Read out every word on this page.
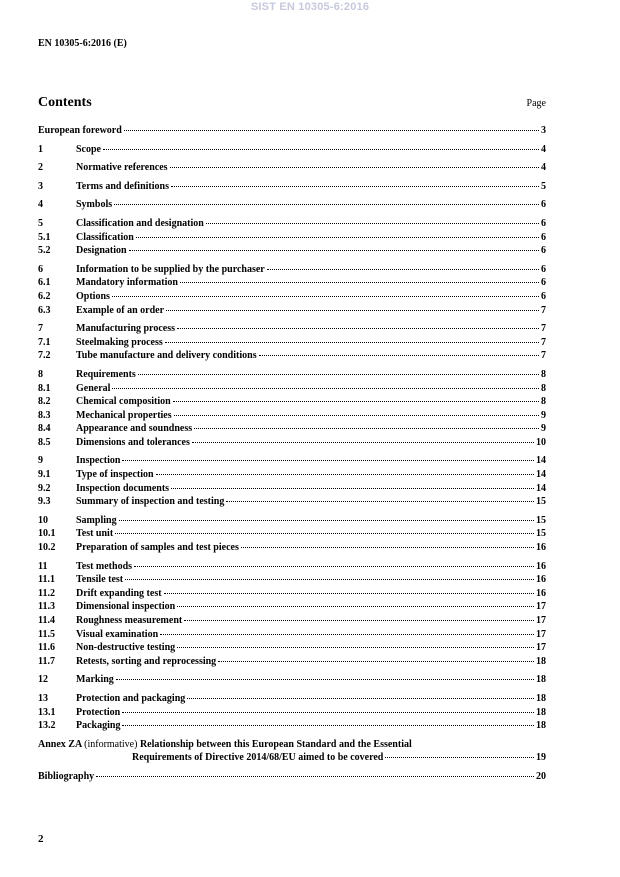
SIST EN 10305-6:2016
EN 10305-6:2016 (E)
Contents	Page
European foreword	3
1	Scope	4
2	Normative references	4
3	Terms and definitions	5
4	Symbols	6
5	Classification and designation	6
5.1	Classification	6
5.2	Designation	6
6	Information to be supplied by the purchaser	6
6.1	Mandatory information	6
6.2	Options	6
6.3	Example of an order	7
7	Manufacturing process	7
7.1	Steelmaking process	7
7.2	Tube manufacture and delivery conditions	7
8	Requirements	8
8.1	General	8
8.2	Chemical composition	8
8.3	Mechanical properties	9
8.4	Appearance and soundness	9
8.5	Dimensions and tolerances	10
9	Inspection	14
9.1	Type of inspection	14
9.2	Inspection documents	14
9.3	Summary of inspection and testing	15
10	Sampling	15
10.1	Test unit	15
10.2	Preparation of samples and test pieces	16
11	Test methods	16
11.1	Tensile test	16
11.2	Drift expanding test	16
11.3	Dimensional inspection	17
11.4	Roughness measurement	17
11.5	Visual examination	17
11.6	Non-destructive testing	17
11.7	Retests, sorting and reprocessing	18
12	Marking	18
13	Protection and packaging	18
13.1	Protection	18
13.2	Packaging	18
Annex ZA (informative) Relationship between this European Standard and the Essential
Requirements of Directive 2014/68/EU aimed to be covered	19
Bibliography	20
2
